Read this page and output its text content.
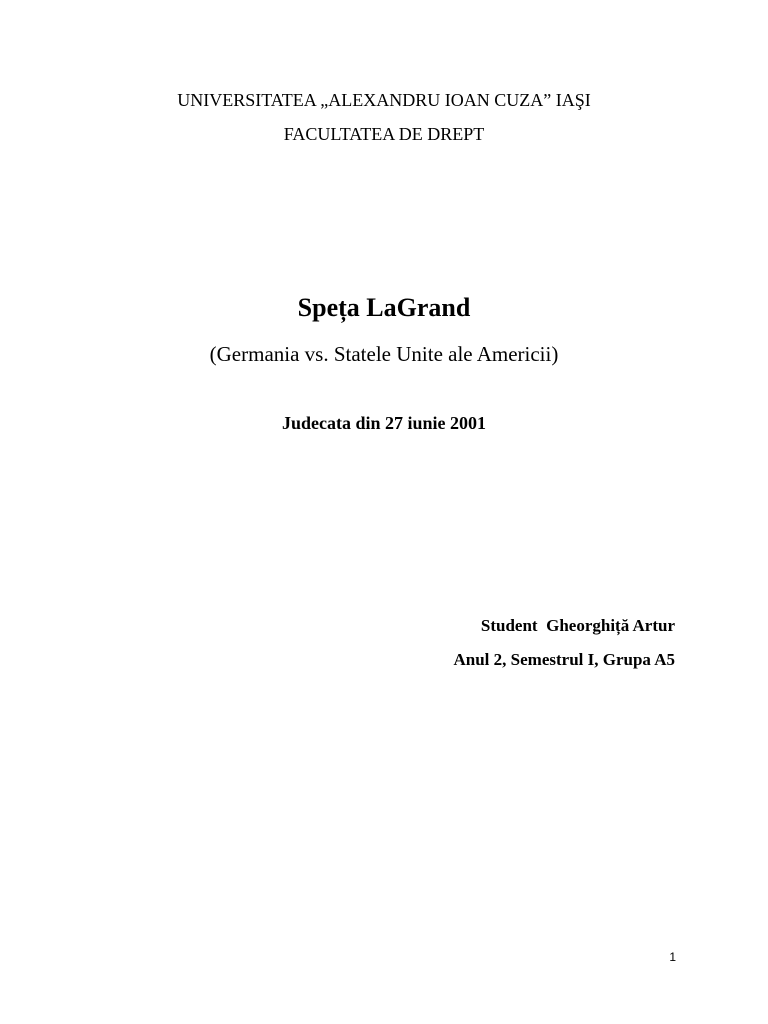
UNIVERSITATEA „ALEXANDRU IOAN CUZA” IAŞI
FACULTATEA DE DREPT
Speța LaGrand
(Germania vs. Statele Unite ale Americii)
Judecata din 27 iunie 2001
Student  Gheorghiță Artur
Anul 2, Semestrul I, Grupa A5
1
